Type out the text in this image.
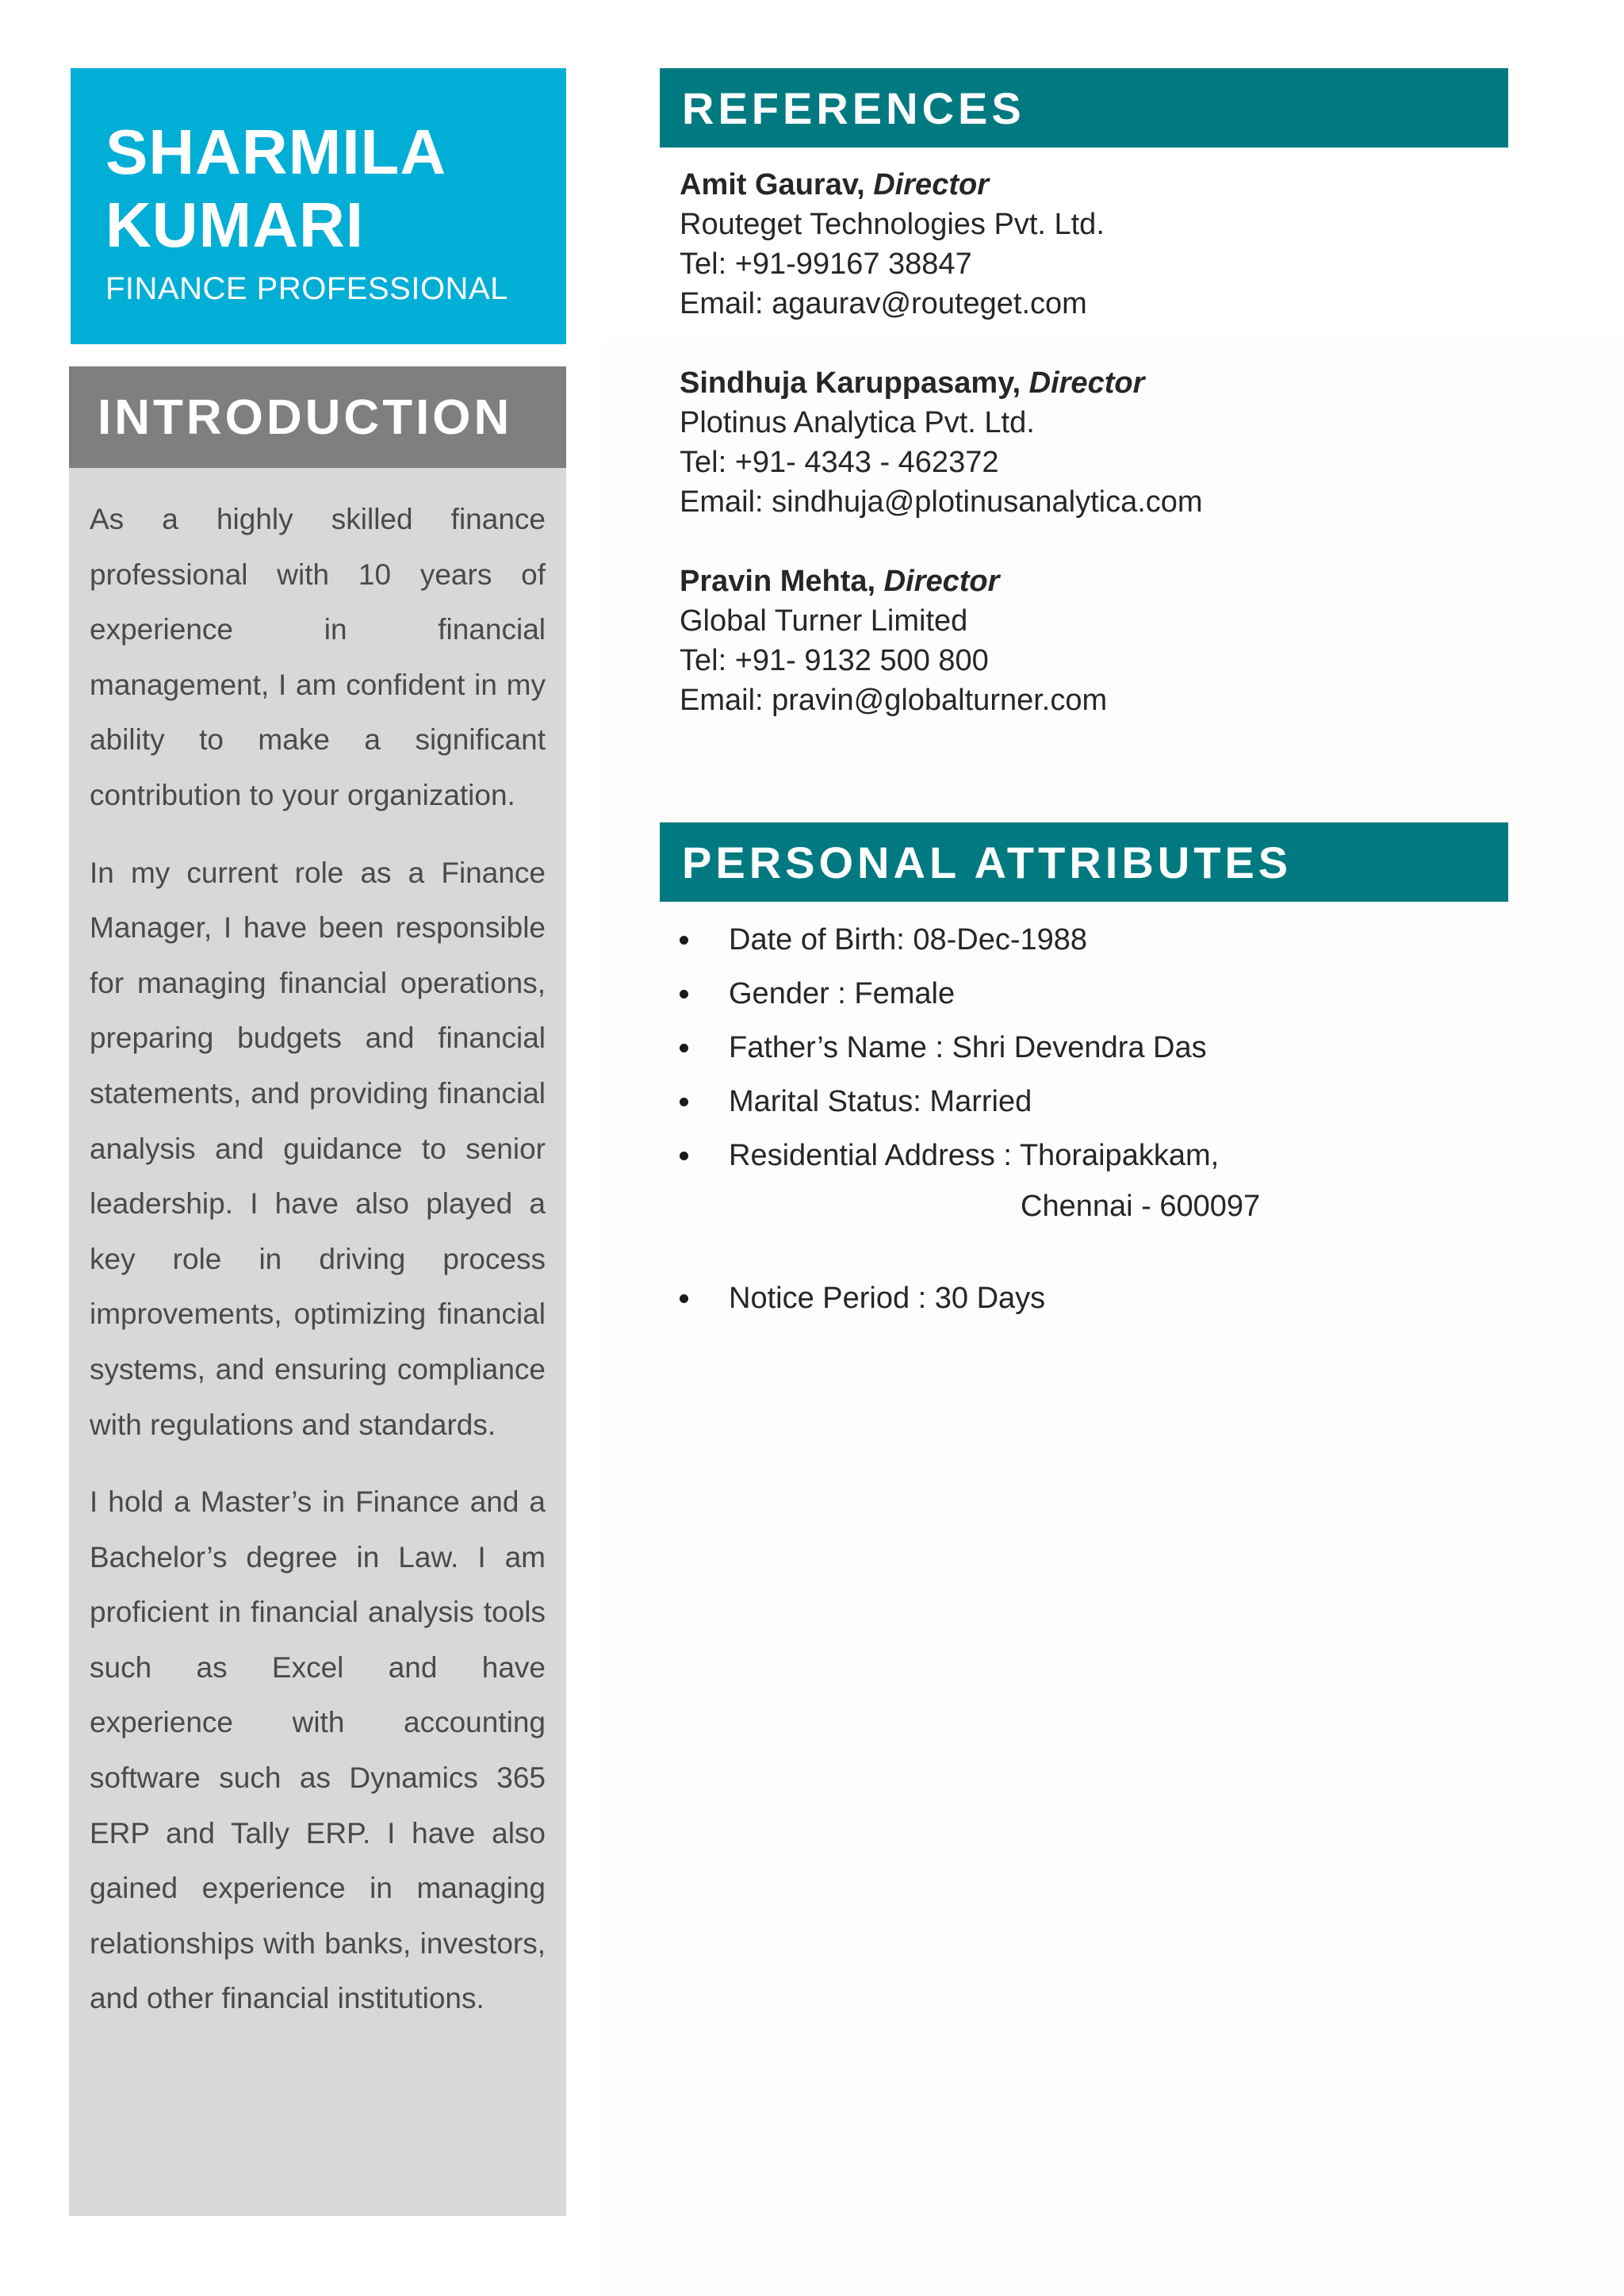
SHARMILA
KUMARI
FINANCE PROFESSIONAL
INTRODUCTION

As a highly skilled finance professional with 10 years of experience in financial management, I am confident in my ability to make a significant contribution to your organization.

In my current role as a Finance Manager, I have been responsible for managing financial operations, preparing budgets and financial statements, and providing financial analysis and guidance to senior leadership. I have also played a key role in driving process improvements, optimizing financial systems, and ensuring compliance with regulations and standards.

I hold a Master’s in Finance and a Bachelor’s degree in Law. I am proficient in financial analysis tools such as Excel and have experience with accounting software such as Dynamics 365 ERP and Tally ERP. I have also gained experience in managing relationships with banks, investors, and other financial institutions.

REFERENCES
Amit Gaurav, Director
Routeget Technologies Pvt. Ltd.
Tel: +91-99167 38847
Email: agaurav@routeget.com
Sindhuja Karuppasamy, Director
Plotinus Analytica Pvt. Ltd.
Tel: +91- 4343 - 462372
Email: sindhuja@plotinusanalytica.com
Pravin Mehta, Director
Global Turner Limited
Tel: +91- 9132 500 800
Email: pravin@globalturner.com
PERSONAL ATTRIBUTES
Date of Birth: 08-Dec-1988
Gender : Female
Father’s Name : Shri Devendra Das
Marital Status: Married
Residential Address : Thoraipakkam,
Chennai - 600097
Notice Period : 30 Days
